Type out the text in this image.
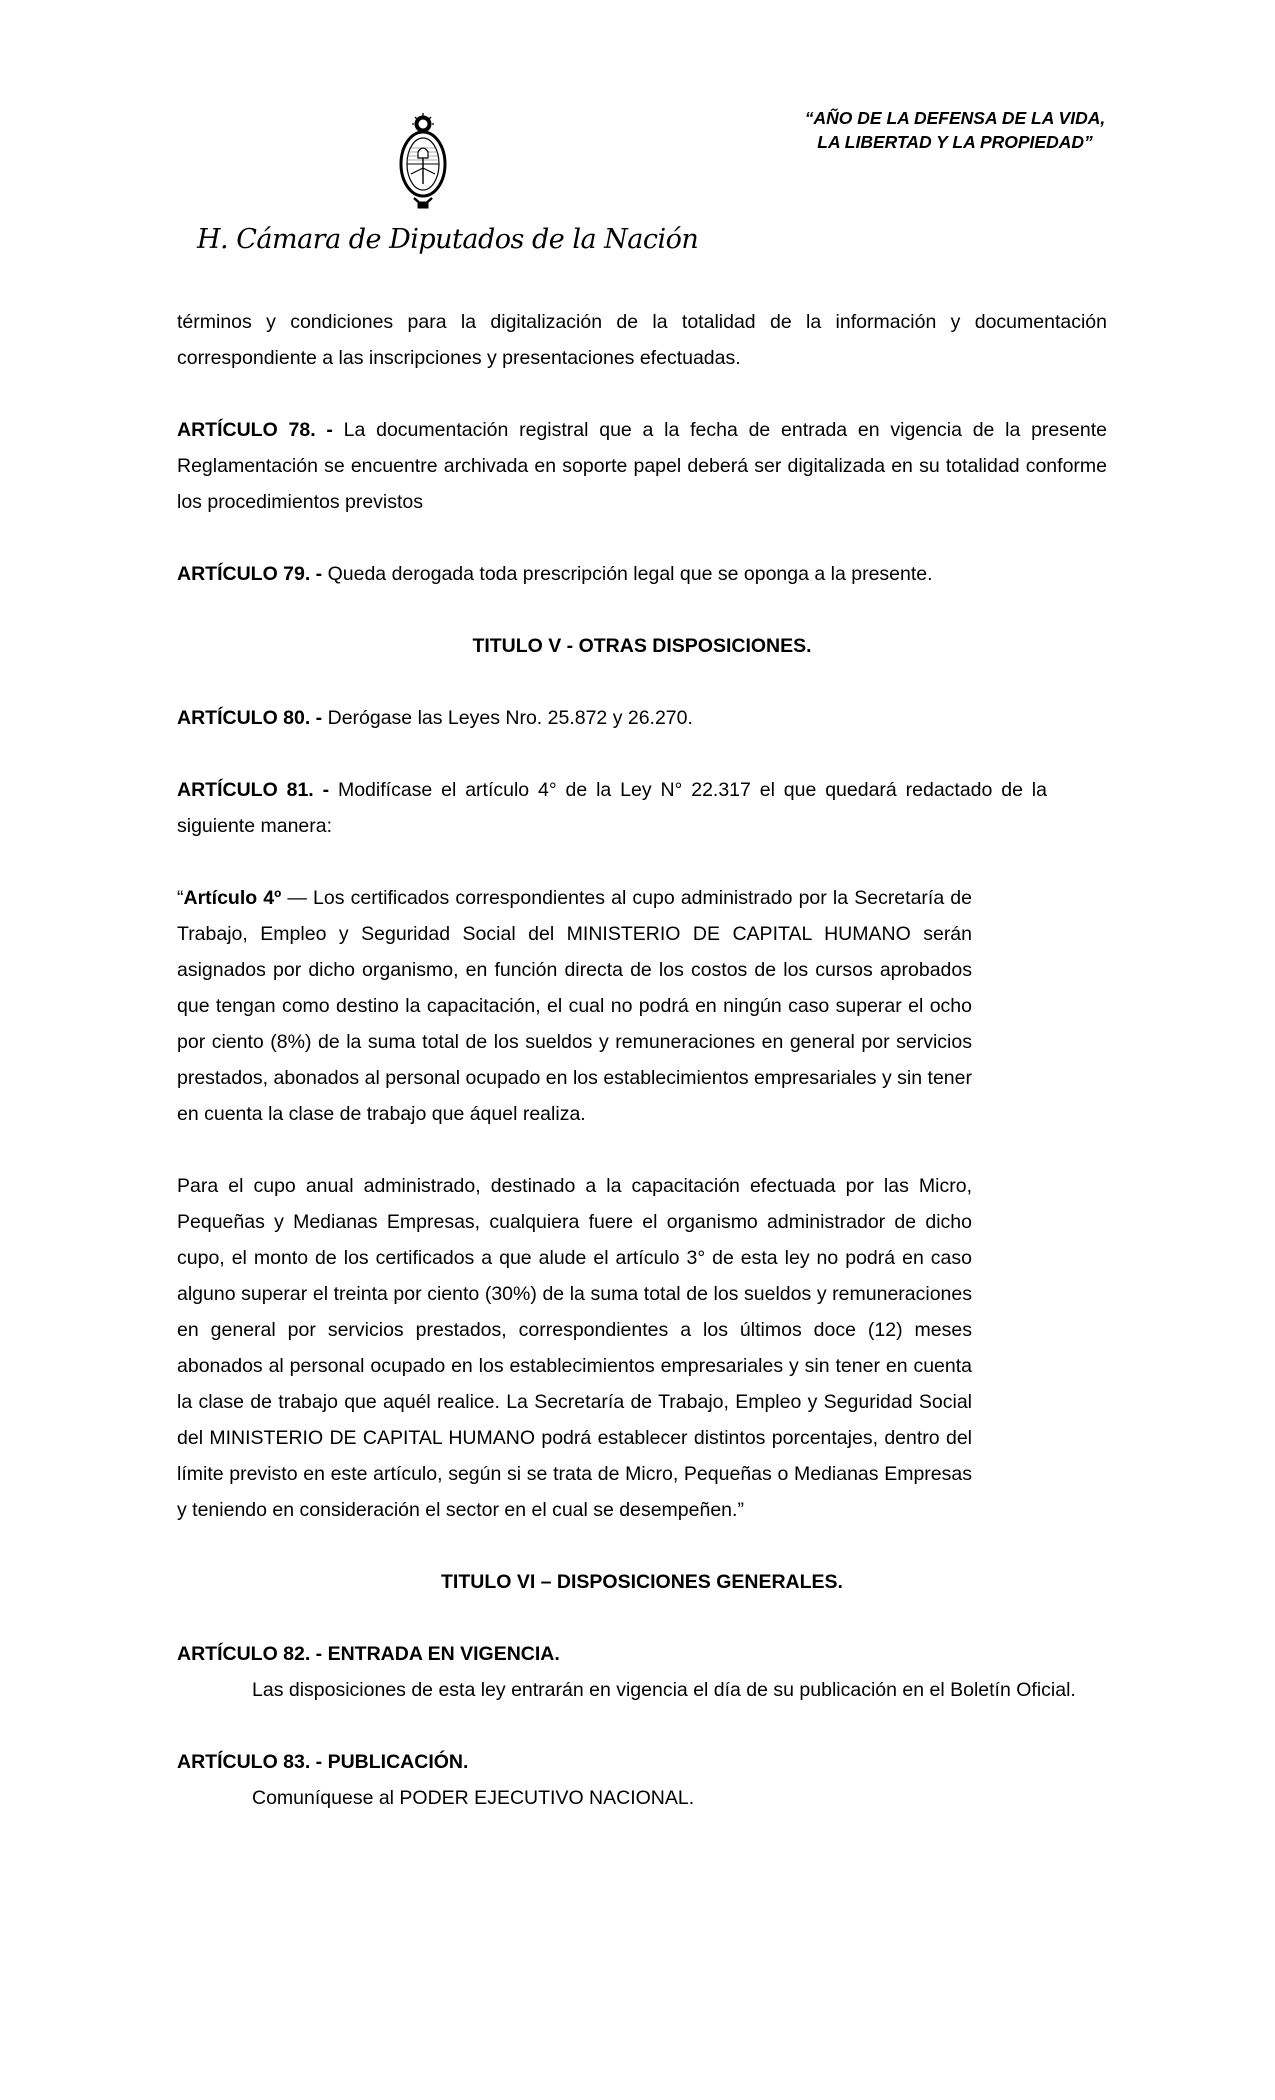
H. Cámara de Diputados de la Nación
“AÑO DE LA DEFENSA DE LA VIDA,
LA LIBERTAD Y LA PROPIEDAD”

términos y condiciones para la digitalización de la totalidad de la información y documentación correspondiente a las inscripciones y presentaciones efectuadas.

ARTÍCULO 78. - La documentación registral que a la fecha de entrada en vigencia de la presente Reglamentación se encuentre archivada en soporte papel deberá ser digitalizada en su totalidad conforme los procedimientos previstos

ARTÍCULO 79. - Queda derogada toda prescripción legal que se oponga a la presente.

TITULO V - OTRAS DISPOSICIONES.

ARTÍCULO 80. - Derógase las Leyes Nro. 25.872 y 26.270.

ARTÍCULO 81. - Modifícase el artículo 4° de la Ley N° 22.317 el que quedará redactado de la siguiente manera:

“Artículo 4º — Los certificados correspondientes al cupo administrado por la Secretaría de Trabajo, Empleo y Seguridad Social del MINISTERIO DE CAPITAL HUMANO serán asignados por dicho organismo, en función directa de los costos de los cursos aprobados que tengan como destino la capacitación, el cual no podrá en ningún caso superar el ocho por ciento (8%) de la suma total de los sueldos y remuneraciones en general por servicios prestados, abonados al personal ocupado en los establecimientos empresariales y sin tener en cuenta la clase de trabajo que áquel realiza.

Para el cupo anual administrado, destinado a la capacitación efectuada por las Micro, Pequeñas y Medianas Empresas, cualquiera fuere el organismo administrador de dicho cupo, el monto de los certificados a que alude el artículo 3° de esta ley no podrá en caso alguno superar el treinta por ciento (30%) de la suma total de los sueldos y remuneraciones en general por servicios prestados, correspondientes a los últimos doce (12) meses abonados al personal ocupado en los establecimientos empresariales y sin tener en cuenta la clase de trabajo que aquél realice. La Secretaría de Trabajo, Empleo y Seguridad Social del MINISTERIO DE CAPITAL HUMANO podrá establecer distintos porcentajes, dentro del límite previsto en este artículo, según si se trata de Micro, Pequeñas o Medianas Empresas y teniendo en consideración el sector en el cual se desempeñen.”

TITULO VI – DISPOSICIONES GENERALES.

ARTÍCULO 82. - ENTRADA EN VIGENCIA.

Las disposiciones de esta ley entrarán en vigencia el día de su publicación en el Boletín Oficial.

ARTÍCULO 83. - PUBLICACIÓN.

Comuníquese al PODER EJECUTIVO NACIONAL.
